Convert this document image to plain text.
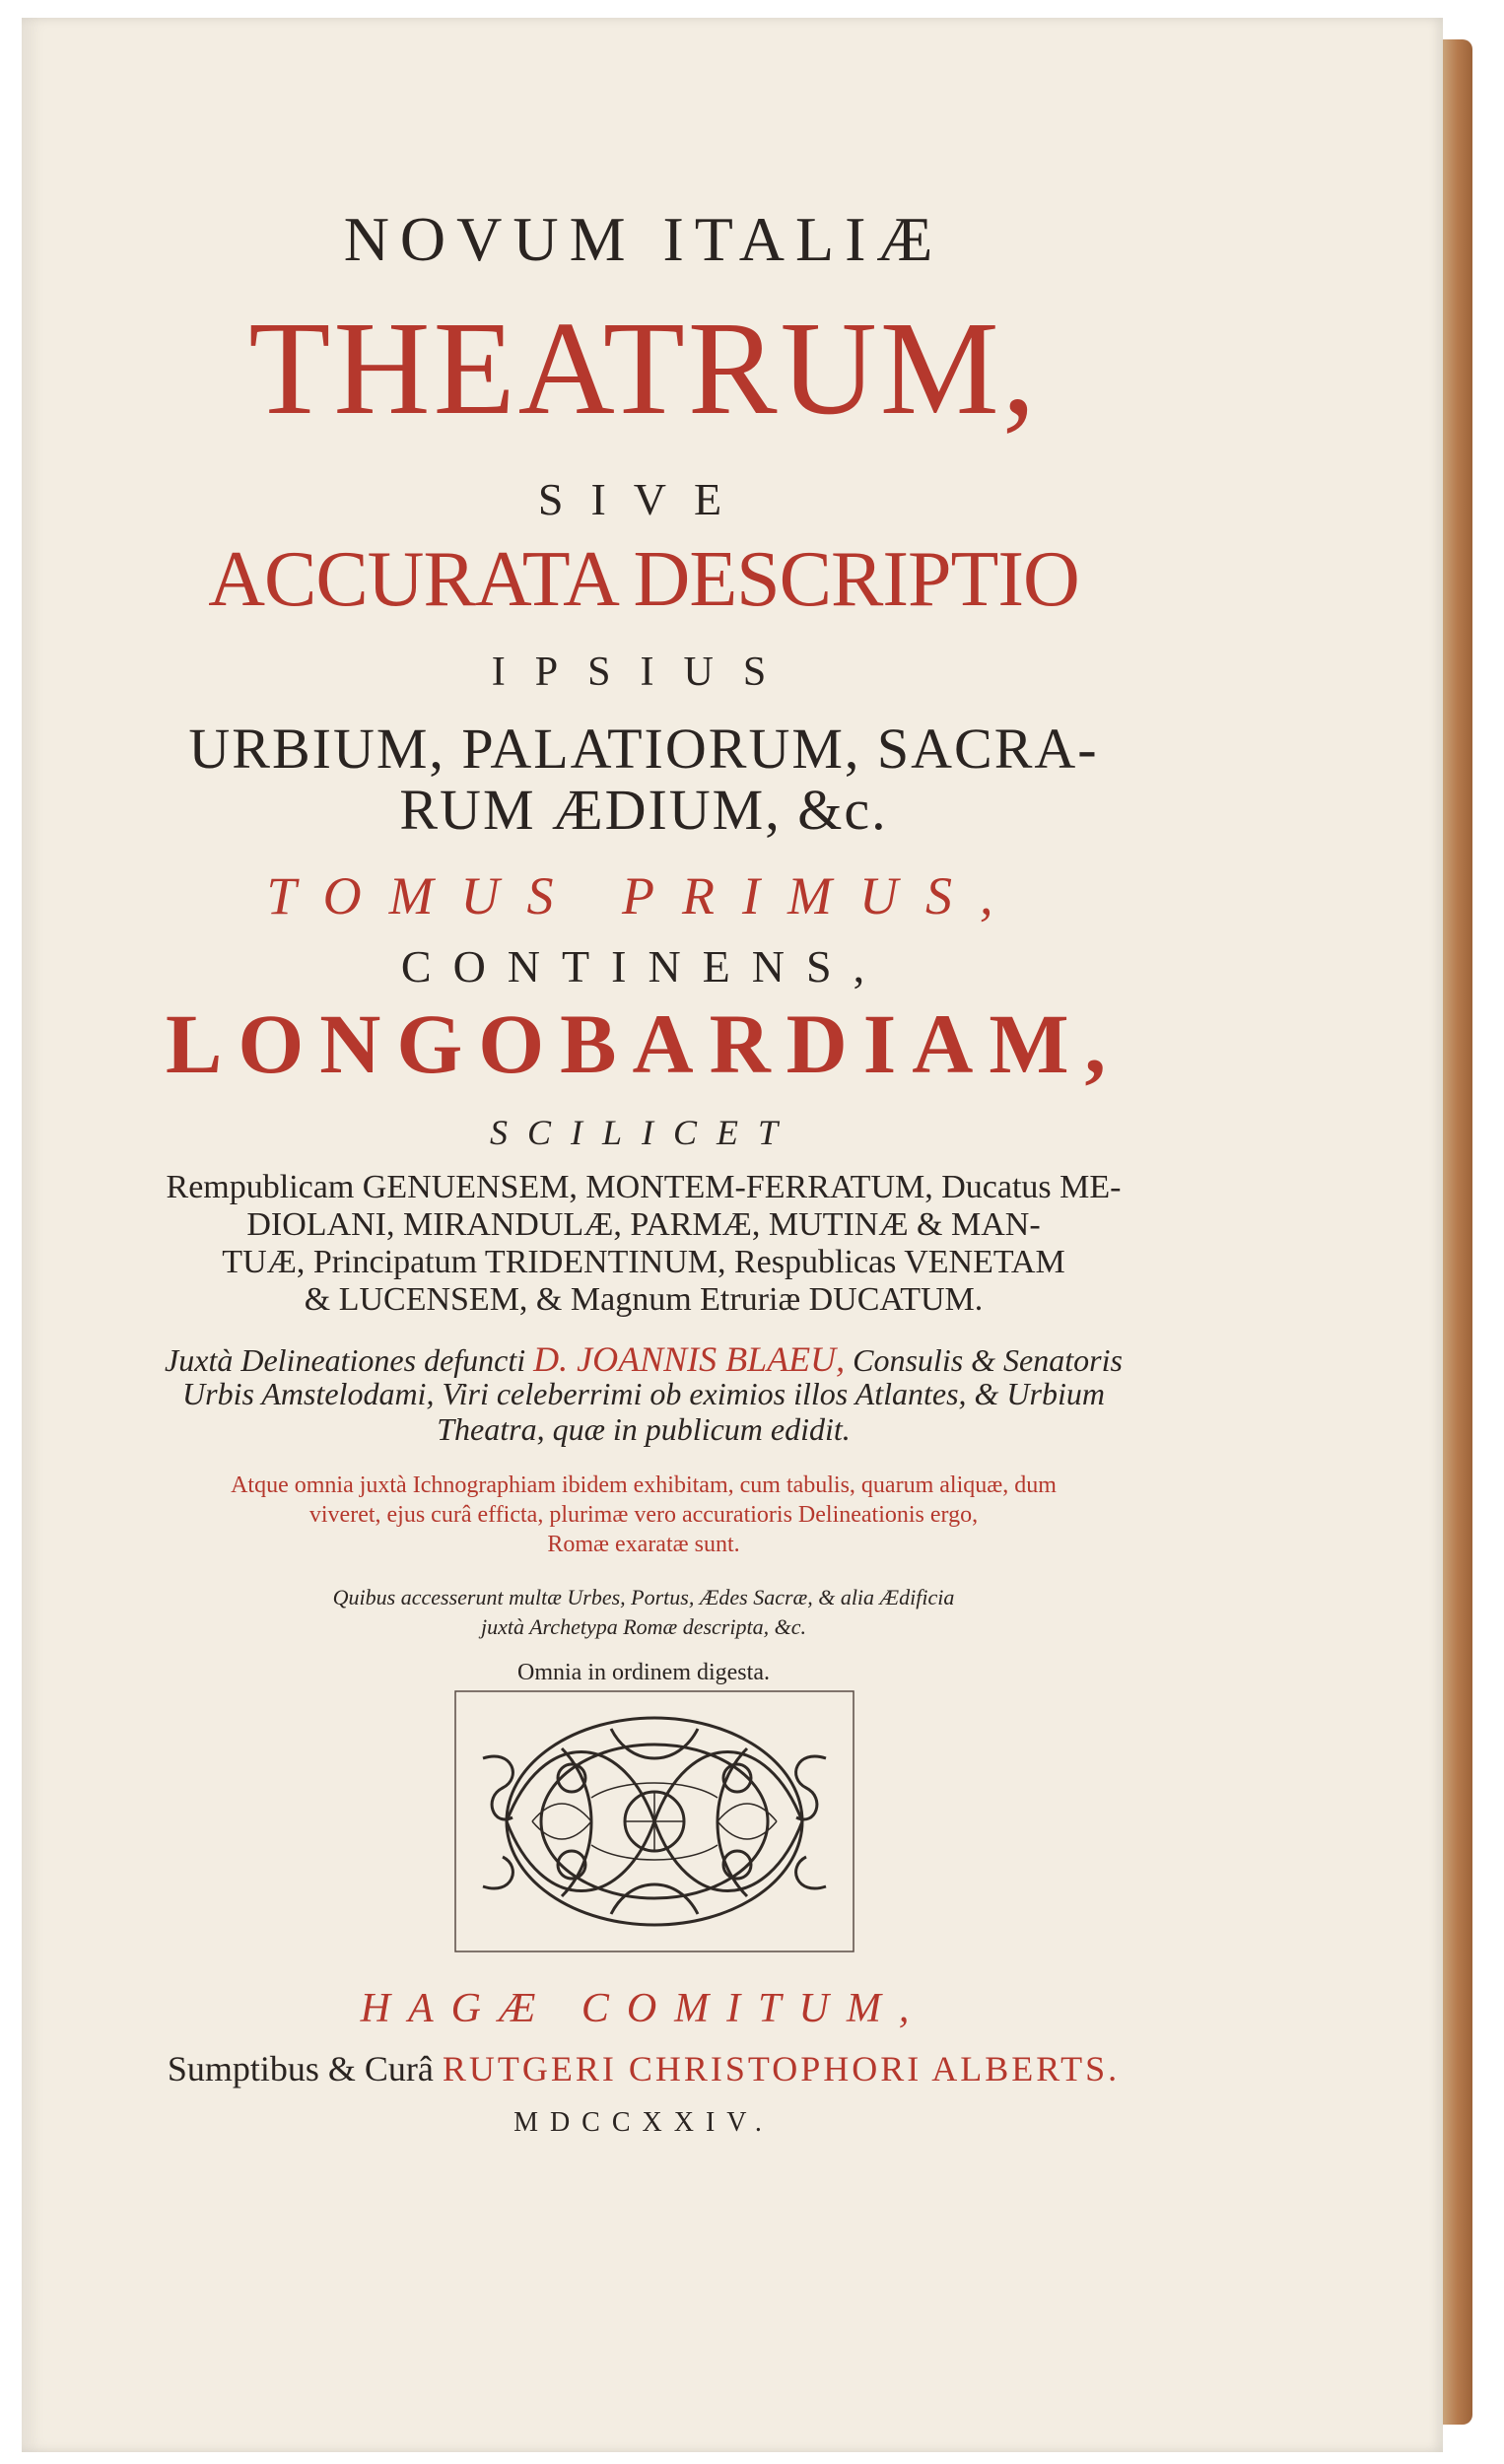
NOVUM ITALIÆ
THEATRUM,
SIVE
ACCURATA DESCRIPTIO
IPSIUS
URBIUM, PALATIORUM, SACRA-
RUM ÆDIUM, &c.
TOMUS PRIMUS,
CONTINENS,
LONGOBARDIAM,
SCILICET
Rempublicam GENUENSEM, MONTEM-FERRATUM, Ducatus ME-
DIOLANI, MIRANDULÆ, PARMÆ, MUTINÆ & MAN-
TUÆ, Principatum TRIDENTINUM, Respublicas VENETAM
& LUCENSEM, & Magnum Etruriæ DUCATUM.
Juxtà Delineationes defuncti D. JOANNIS BLAEU, Consulis & Senatoris
Urbis Amstelodami, Viri celeberrimi ob eximios illos Atlantes, & Urbium
Theatra, quæ in publicum edidit.
Atque omnia juxtà Ichnographiam ibidem exhibitam, cum tabulis, quarum aliquæ, dum
viveret, ejus curâ efficta, plurimæ vero accuratioris Delineationis ergo,
Romæ exaratæ sunt.
Quibus accesserunt multæ Urbes, Portus, Ædes Sacræ, & alia Ædificia
juxtà Archetypa Romæ descripta, &c.
Omnia in ordinem digesta.
HAGÆ COMITUM,
Sumptibus & Curâ RUTGERI CHRISTOPHORI ALBERTS.
MDCCXXIV.
